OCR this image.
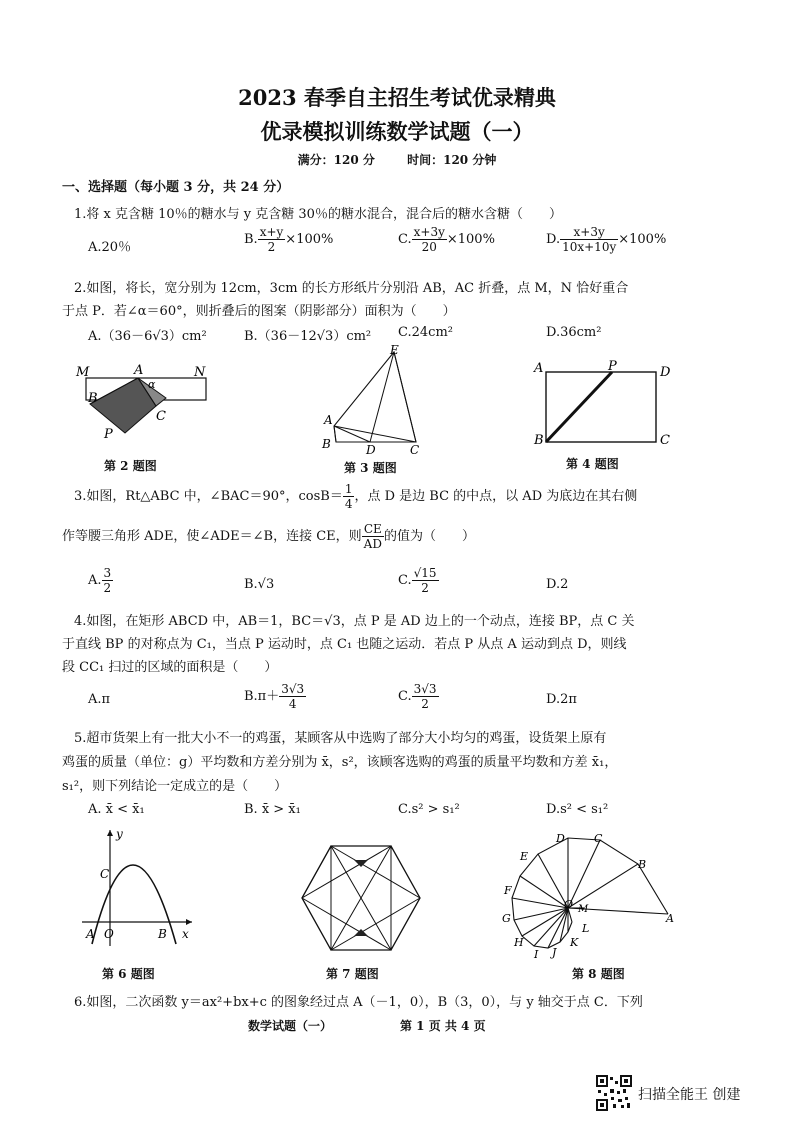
2023 春季自主招生考试优录精典
优录模拟训练数学试题（一）
满分：120 分	时间：120 分钟
一、选择题（每小题 3 分，共 24 分）
1.将 x 克含糖 10％的糖水与 y 克含糖 30％的糖水混合，混合后的糖水含糖（　　）
A.20％
B. $\frac{x+y}{2} \times 100\%$	C. $\frac{x+3y}{20} \times 100\%$	D. $\frac{x+3y}{10x+10y} \times 100\%$
2.如图，将长，宽分别为 12cm，3cm 的长方形纸片分别沿 AB，AC 折叠，点 M，N 恰好重合
于点 P．若∠α＝60°，则折叠后的图案（阴影部分）面积为（　　）
A.（36－6√3）cm²	B.（36－12√3）cm² C.24cm²	D.36cm²
M	A	N
α
B
C
P
第 2 题图
E
A
B	D	C
第 3 题图
A	P	D
B	C
第 4 题图
3.如图，Rt△ABC 中，∠BAC＝90°，$\cos B= \frac{1}{4}$ ，点 D 是边 BC 的中点，以 AD 为底边在其右侧
作等腰三角形 ADE，使∠ADE＝∠B，连接 CE，则 $\frac{CE}{AD}$ 的值为（　　）
A. $\frac{3}{2}$	B.√3	C. $\frac{√15}{2}$	D.2
4.如图，在矩形 ABCD 中，AB＝1，BC＝√3，点 P 是 AD 边上的一个动点，连接 BP，点 C 关
于直线 BP 的对称点为 C₁，当点 P 运动时，点 C₁ 也随之运动．若点 P 从点 A 运动到点 D，则线
段 CC₁ 扫过的区域的面积是（　　）
A.π	$B.\pi+ \frac{3√3}{4}$	C. $\frac{3√3}{2}$	D.2π
5.超市货架上有一批大小不一的鸡蛋，某顾客从中选购了部分大小均匀的鸡蛋，设货架上原有
鸡蛋的质量（单位：g）平均数和方差分别为 x̄，s²，该顾客选购的鸡蛋的质量平均数和方差 x̄₁，
s₁²，则下列结论一定成立的是（　　）
A. x̄ < x̄₁	B. x̄ > x̄₁	C.s² > s₁²	D.s² < s₁²
y
C
A O	B x
第 6 题图	第 7 题图
D	C
B
E
F
G
O M
A
H
I J
K
L
第 8 题图
6.如图，二次函数 y＝ax²+bx+c 的图象经过点 A（－1，0），B（3，0），与 y 轴交于点 C．下列
数学试题（一）	第 1 页 共 4 页
扫描全能王 创建
